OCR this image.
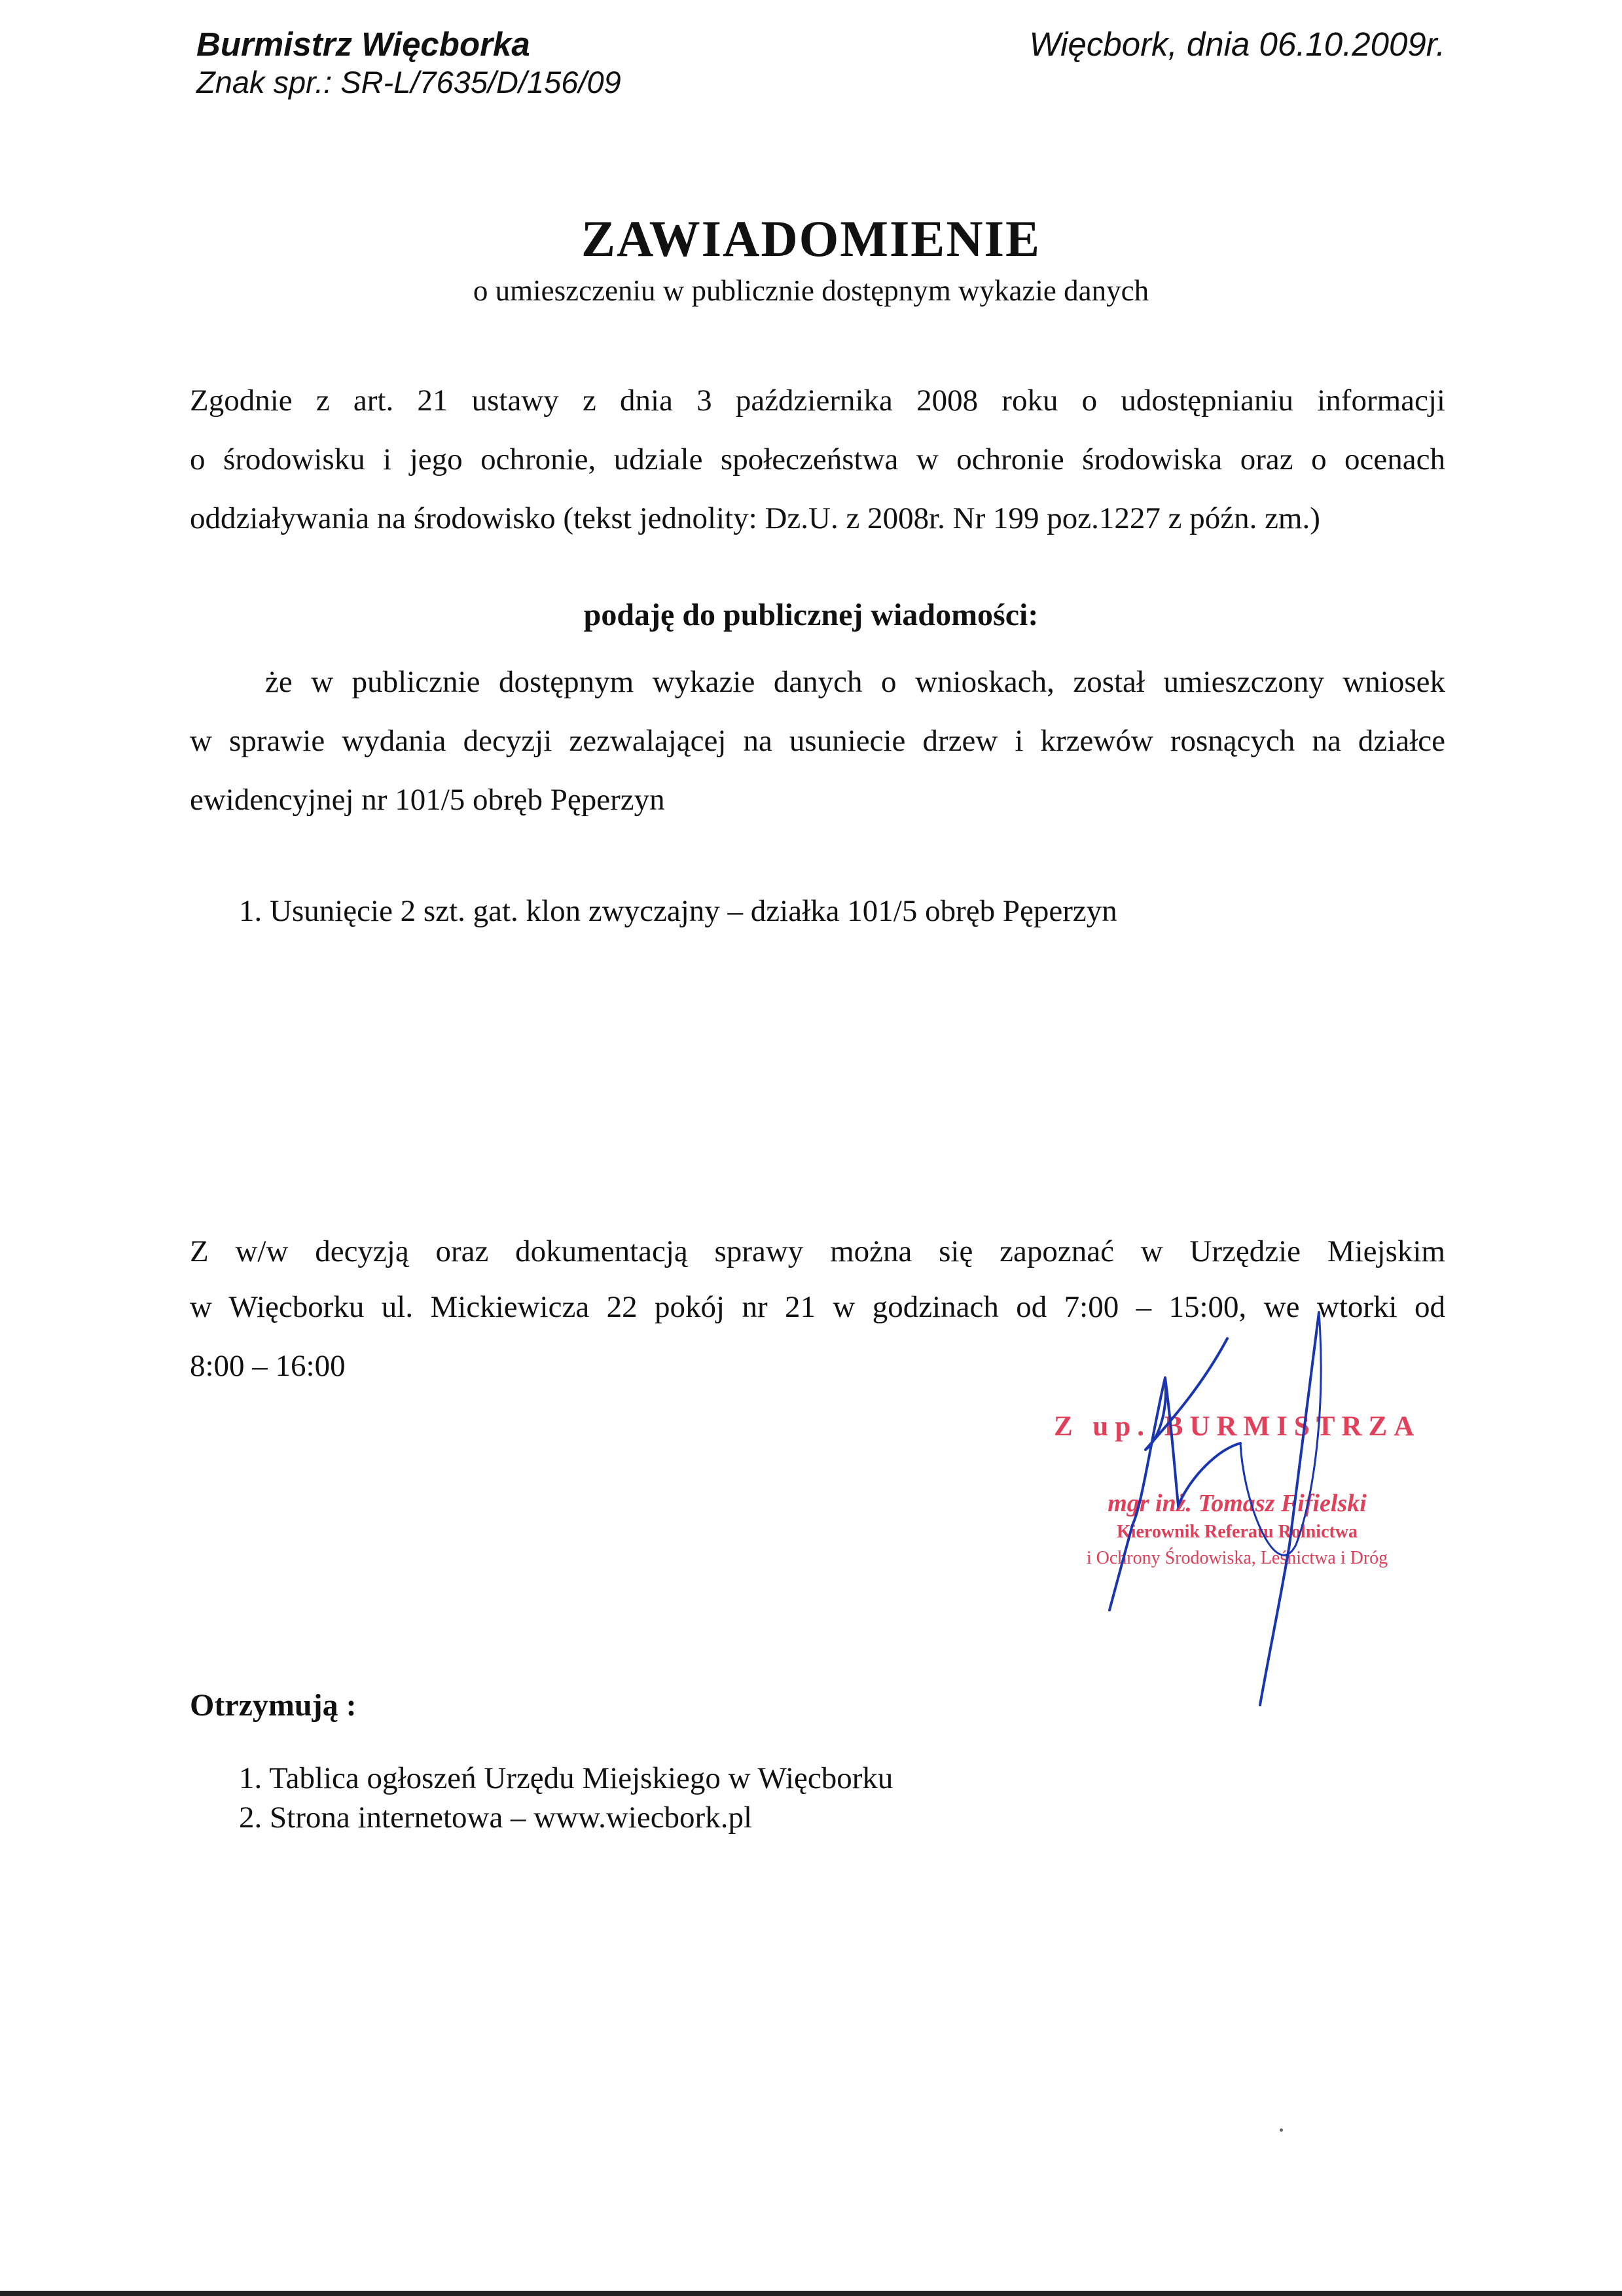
Burmistrz Więcborka
Znak spr.: SR-L/7635/D/156/09
Więcbork, dnia 06.10.2009r.
ZAWIADOMIENIE
o umieszczeniu w publicznie dostępnym wykazie danych
Zgodnie z art. 21 ustawy z dnia 3 października 2008 roku o udostępnianiu informacji
o środowisku i jego ochronie, udziale społeczeństwa w ochronie środowiska oraz o ocenach
oddziaływania na środowisko (tekst jednolity: Dz.U. z 2008r. Nr 199 poz.1227 z późn. zm.)
podaję do publicznej wiadomości:
że w publicznie dostępnym wykazie danych o wnioskach, został umieszczony wniosek
w sprawie wydania decyzji zezwalającej na usuniecie drzew i krzewów rosnących na działce
ewidencyjnej nr 101/5 obręb Pęperzyn
1. Usunięcie 2 szt. gat. klon zwyczajny – działka 101/5 obręb Pęperzyn
Z w/w decyzją oraz dokumentacją sprawy można się zapoznać w Urzędzie Miejskim
w Więcborku ul. Mickiewicza 22 pokój nr 21 w godzinach od 7:00 – 15:00, we wtorki od
8:00 – 16:00
Z up. BURMISTRZA
mgr inż. Tomasz Fifielski
Kierownik Referatu Rolnictwa
i Ochrony Środowiska, Leśnictwa i Dróg
Otrzymują :
1. Tablica ogłoszeń Urzędu Miejskiego w Więcborku
2. Strona internetowa – www.wiecbork.pl
